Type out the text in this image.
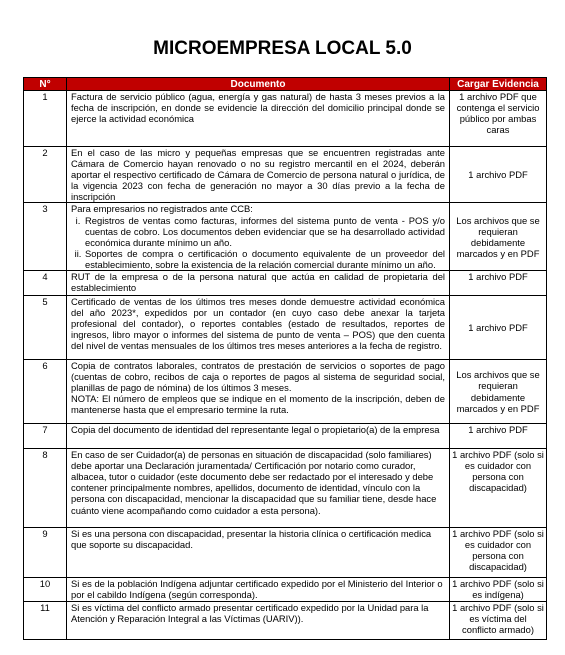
MICROEMPRESA LOCAL 5.0
N°	Documento	Cargar Evidencia
1	Factura de servicio público (agua, energía y gas natural) de hasta 3 meses previos a la fecha de inscripción, en donde se evidencie la dirección del domicilio principal donde se ejerce la actividad económica	1 archivo PDF que contenga el servicio público por ambas caras
2	En el caso de las micro y pequeñas empresas que se encuentren registradas ante Cámara de Comercio hayan renovado o no su registro mercantil en el 2024, deberán aportar el respectivo certificado de Cámara de Comercio de persona natural o jurídica, de la vigencia 2023 con fecha de generación no mayor a 30 días previo a la fecha de inscripción	1 archivo PDF
3	Para empresarios no registrados ante CCB:
i. Registros de ventas como facturas, informes del sistema punto de venta - POS y/o cuentas de cobro. Los documentos deben evidenciar que se ha desarrollado actividad económica durante mínimo un año.
ii. Soportes de compra o certificación o documento equivalente de un proveedor del establecimiento, sobre la existencia de la relación comercial durante mínimo un año.	Los archivos que se requieran debidamente marcados y en PDF
4	RUT de la empresa o de la persona natural que actúa en calidad de propietaria del establecimiento	1 archivo PDF
5	Certificado de ventas de los últimos tres meses donde demuestre actividad económica del año 2023*, expedidos por un contador (en cuyo caso debe anexar la tarjeta profesional del contador), o reportes contables (estado de resultados, reportes de ingresos, libro mayor o informes del sistema de punto de venta – POS) que den cuenta del nivel de ventas mensuales de los últimos tres meses anteriores a la fecha de registro.	1 archivo PDF
6	Copia de contratos laborales, contratos de prestación de servicios o soportes de pago (cuentas de cobro, recibos de caja o reportes de pagos al sistema de seguridad social, planillas de pago de nómina) de los últimos 3 meses.
NOTA: El número de empleos que se indique en el momento de la inscripción, deben de mantenerse hasta que el empresario termine la ruta.	Los archivos que se requieran debidamente marcados y en PDF
7	Copia del documento de identidad del representante legal o propietario(a) de la empresa	1 archivo PDF
8	En caso de ser Cuidador(a) de personas en situación de discapacidad (solo familiares) debe aportar una Declaración juramentada/ Certificación por notario como curador, albacea, tutor o cuidador (este documento debe ser redactado por el interesado y debe contener principalmente nombres, apellidos, documento de identidad, vínculo con la persona con discapacidad, mencionar la discapacidad que su familiar tiene, desde hace cuánto viene acompañando como cuidador a esta persona).	1 archivo PDF (solo si es cuidador con persona con discapacidad)
9	Si es una persona con discapacidad, presentar la historia clínica o certificación medica que soporte su discapacidad.	1 archivo PDF (solo si es cuidador con persona con discapacidad)
10	Si es de la población Indígena adjuntar certificado expedido por el Ministerio del Interior o por el cabildo Indígena (según corresponda).	1 archivo PDF (solo si es indígena)
11	Si es víctima del conflicto armado presentar certificado expedido por la Unidad para la Atención y Reparación Integral a las Víctimas (UARIV)).	1 archivo PDF (solo si es víctima del conflicto armado)
